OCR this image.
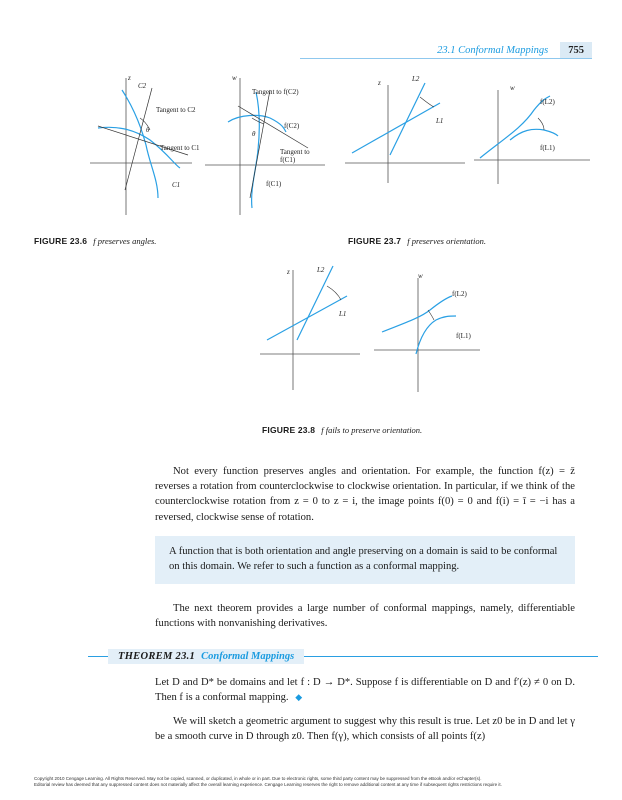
23.1 Conformal Mappings	755
z
C2
Tangent to C2
θ
Tangent to C1
C1
w
Tangent to f(C2)
θ
f(C2)
Tangent to
f(C1)
f(C1)
FIGURE 23.6 f preserves angles.
z	L2
L1
w
f(L2)
f(L1)
FIGURE 23.7 f preserves orientation.
z	L2
L1
w
f(L2)
f(L1)
FIGURE 23.8 f fails to preserve orientation.
Not every function preserves angles and orientation. For example, the function f(z) = z̄ reverses a rotation from counterclockwise to clockwise orientation. In particular, if we think of the counterclockwise rotation from z = 0 to z = i, the image points f(0) = 0 and f(i) = ī = −i has a reversed, clockwise sense of rotation.

A function that is both orientation and angle preserving on a domain is said to be conformal on this domain. We refer to such a function as a conformal mapping.

The next theorem provides a large number of conformal mappings, namely, differentiable functions with nonvanishing derivatives.
THEOREM 23.1 Conformal Mappings
Let D and D* be domains and let f : D → D*. Suppose f is differentiable on D and f′(z) ≠ 0 on D. Then f is a conformal mapping. ◆
We will sketch a geometric argument to suggest why this result is true. Let z0 be in D and let γ be a smooth curve in D through z0. Then f(γ), which consists of all points f(z)
Copyright 2010 Cengage Learning. All Rights Reserved. May not be copied, scanned, or duplicated, in whole or in part. Due to electronic rights, some third party content may be suppressed from the eBook and/or eChapter(s).
Editorial review has deemed that any suppressed content does not materially affect the overall learning experience. Cengage Learning reserves the right to remove additional content at any time if subsequent rights restrictions require it.
